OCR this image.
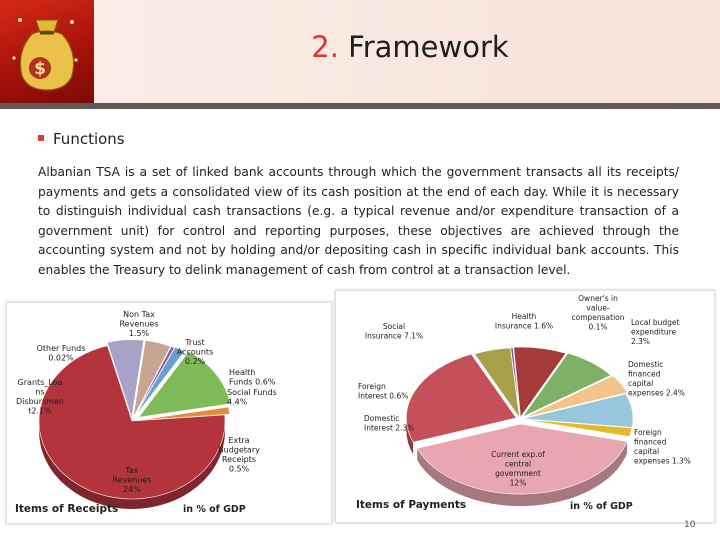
$
2. Framework
Functions
Albanian TSA is a set of linked bank accounts through which the government transacts all its receipts/ payments and gets a consolidated view of its cash position at the end of each day. While it is necessary to distinguish individual cash transactions (e.g. a typical revenue and/or expenditure transaction of a government unit) for control and reporting purposes, these objectives are achieved through the accounting system and not by holding and/or depositing cash in specific individual bank accounts. This enables the Treasury to delink management of cash from control at a transaction level.
Tax Revenues 24%
Grants_Loa ns Disbursmen t2.1%
Other Funds 0.02%
Non Tax Revenues 1.5%
Trust Accounts 0.2%
Health Funds 0.6%
Social Funds 4.4%
Extra Budgetary Receipts 0.5%
Items of Receipts	in % of GDP
Current exp.of central government 12%
Social Insurance 7.1%
Health Insurance 1.6%
Owner's in value-compensation 0.1%	Local budget expenditure 2.3%
Domestic financed capital expenses 2.4%
Foreign financed capital expenses 1.3%
Domestic Interest 2.3%
Foreign Interest 0.6%
Items of Payments	in % of GDP
10
